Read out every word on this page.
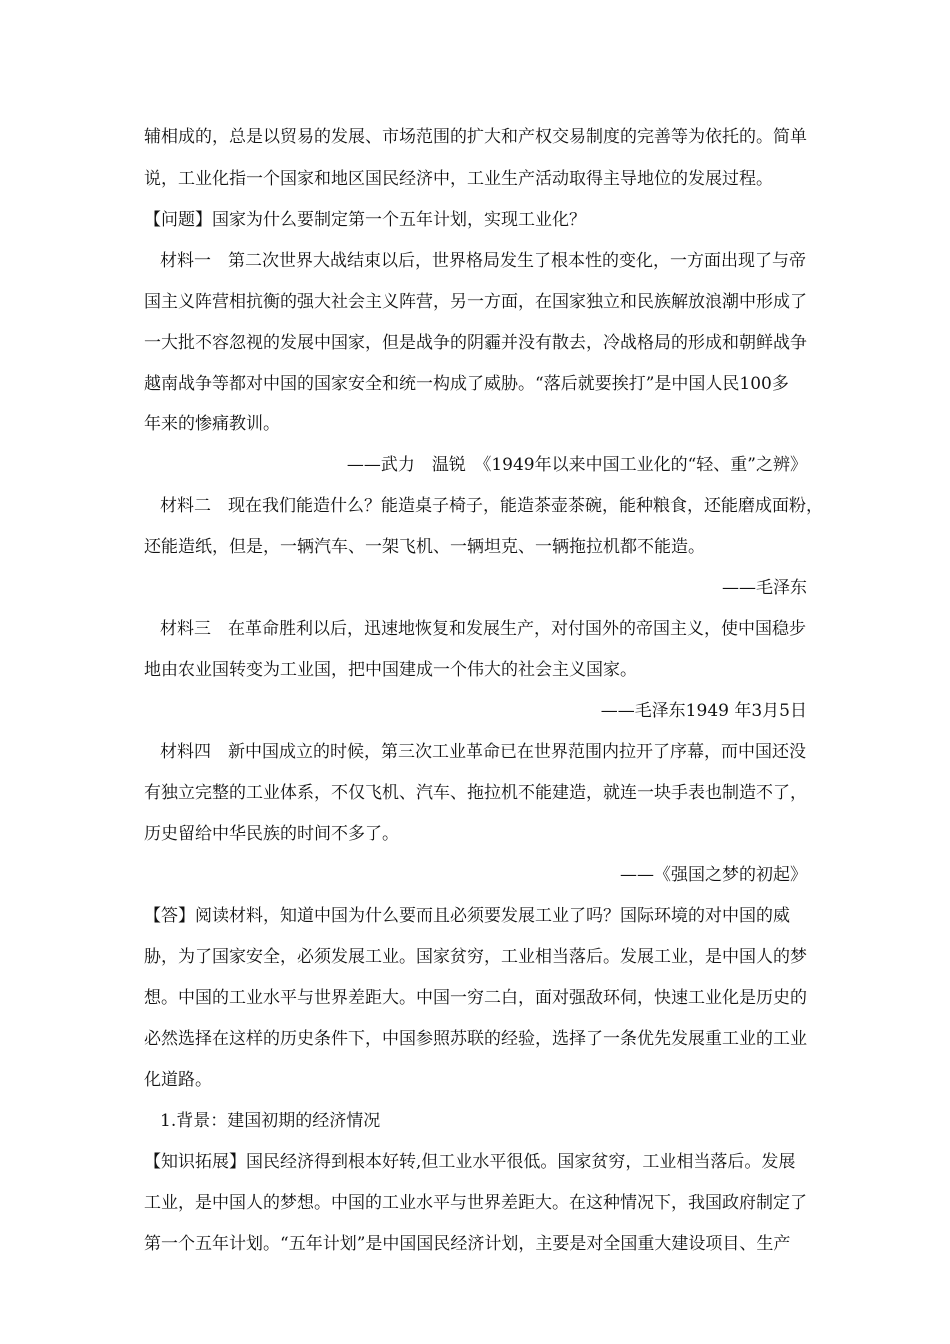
辅相成的，总是以贸易的发展、市场范围的扩大和产权交易制度的完善等为依托的。简单
说，工业化指一个国家和地区国民经济中，工业生产活动取得主导地位的发展过程。
【问题】国家为什么要制定第一个五年计划，实现工业化？
材料一　第二次世界大战结束以后，世界格局发生了根本性的变化，一方面出现了与帝
国主义阵营相抗衡的强大社会主义阵营，另一方面，在国家独立和民族解放浪潮中形成了
一大批不容忽视的发展中国家，但是战争的阴霾并没有散去，冷战格局的形成和朝鲜战争
越南战争等都对中国的国家安全和统一构成了威胁。“落后就要挨打”是中国人民100多
年来的惨痛教训。
——武力　温锐　《1949年以来中国工业化的“轻、重”之辨》
材料二　现在我们能造什么？能造桌子椅子，能造茶壶茶碗，能种粮食，还能磨成面粉，
还能造纸，但是，一辆汽车、一架飞机、一辆坦克、一辆拖拉机都不能造。
——毛泽东
材料三　在革命胜利以后，迅速地恢复和发展生产，对付国外的帝国主义，使中国稳步
地由农业国转变为工业国，把中国建成一个伟大的社会主义国家。
——毛泽东1949 年3月5日
材料四　新中国成立的时候，第三次工业革命已在世界范围内拉开了序幕，而中国还没
有独立完整的工业体系，不仅飞机、汽车、拖拉机不能建造，就连一块手表也制造不了，
历史留给中华民族的时间不多了。
——《强国之梦的初起》
【答】阅读材料，知道中国为什么要而且必须要发展工业了吗？国际环境的对中国的威
胁，为了国家安全，必须发展工业。国家贫穷，工业相当落后。发展工业，是中国人的梦
想。中国的工业水平与世界差距大。中国一穷二白，面对强敌环伺，快速工业化是历史的
必然选择在这样的历史条件下，中国参照苏联的经验，选择了一条优先发展重工业的工业
化道路。
1.背景：建国初期的经济情况
【知识拓展】国民经济得到根本好转,但工业水平很低。国家贫穷，工业相当落后。发展
工业，是中国人的梦想。中国的工业水平与世界差距大。在这种情况下，我国政府制定了
第一个五年计划。“五年计划”是中国国民经济计划，主要是对全国重大建设项目、生产
